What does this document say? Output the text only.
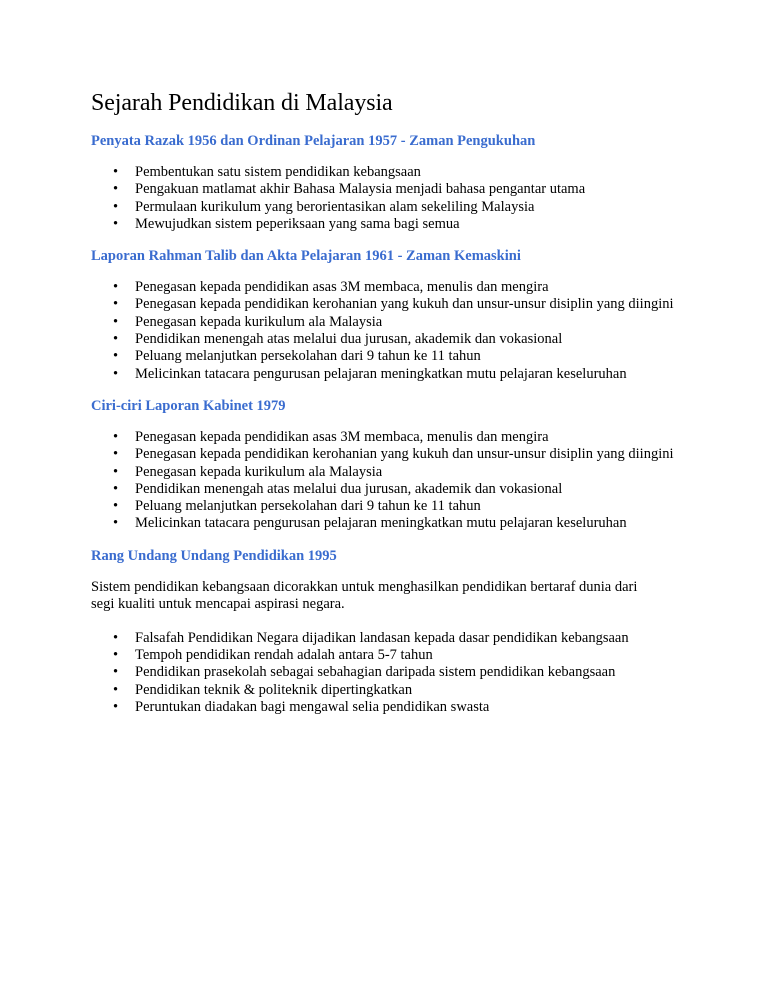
Sejarah Pendidikan di Malaysia
Penyata Razak 1956 dan Ordinan Pelajaran 1957 - Zaman Pengukuhan
• Pembentukan satu sistem pendidikan kebangsaan
• Pengakuan matlamat akhir Bahasa Malaysia menjadi bahasa pengantar utama
• Permulaan kurikulum yang berorientasikan alam sekeliling Malaysia
• Mewujudkan sistem peperiksaan yang sama bagi semua
Laporan Rahman Talib dan Akta Pelajaran 1961 - Zaman Kemaskini
• Penegasan kepada pendidikan asas 3M membaca, menulis dan mengira
• Penegasan kepada pendidikan kerohanian yang kukuh dan unsur-unsur disiplin yang diingini
• Penegasan kepada kurikulum ala Malaysia
• Pendidikan menengah atas melalui dua jurusan, akademik dan vokasional
• Peluang melanjutkan persekolahan dari 9 tahun ke 11 tahun
• Melicinkan tatacara pengurusan pelajaran meningkatkan mutu pelajaran keseluruhan
Ciri-ciri Laporan Kabinet 1979
• Penegasan kepada pendidikan asas 3M membaca, menulis dan mengira
• Penegasan kepada pendidikan kerohanian yang kukuh dan unsur-unsur disiplin yang diingini
• Penegasan kepada kurikulum ala Malaysia
• Pendidikan menengah atas melalui dua jurusan, akademik dan vokasional
• Peluang melanjutkan persekolahan dari 9 tahun ke 11 tahun
• Melicinkan tatacara pengurusan pelajaran meningkatkan mutu pelajaran keseluruhan
Rang Undang Undang Pendidikan 1995

Sistem pendidikan kebangsaan dicorakkan untuk menghasilkan pendidikan bertaraf dunia dari segi kualiti untuk mencapai aspirasi negara.

• Falsafah Pendidikan Negara dijadikan landasan kepada dasar pendidikan kebangsaan
• Tempoh pendidikan rendah adalah antara 5-7 tahun
• Pendidikan prasekolah sebagai sebahagian daripada sistem pendidikan kebangsaan
• Pendidikan teknik & politeknik dipertingkatkan
• Peruntukan diadakan bagi mengawal selia pendidikan swasta
